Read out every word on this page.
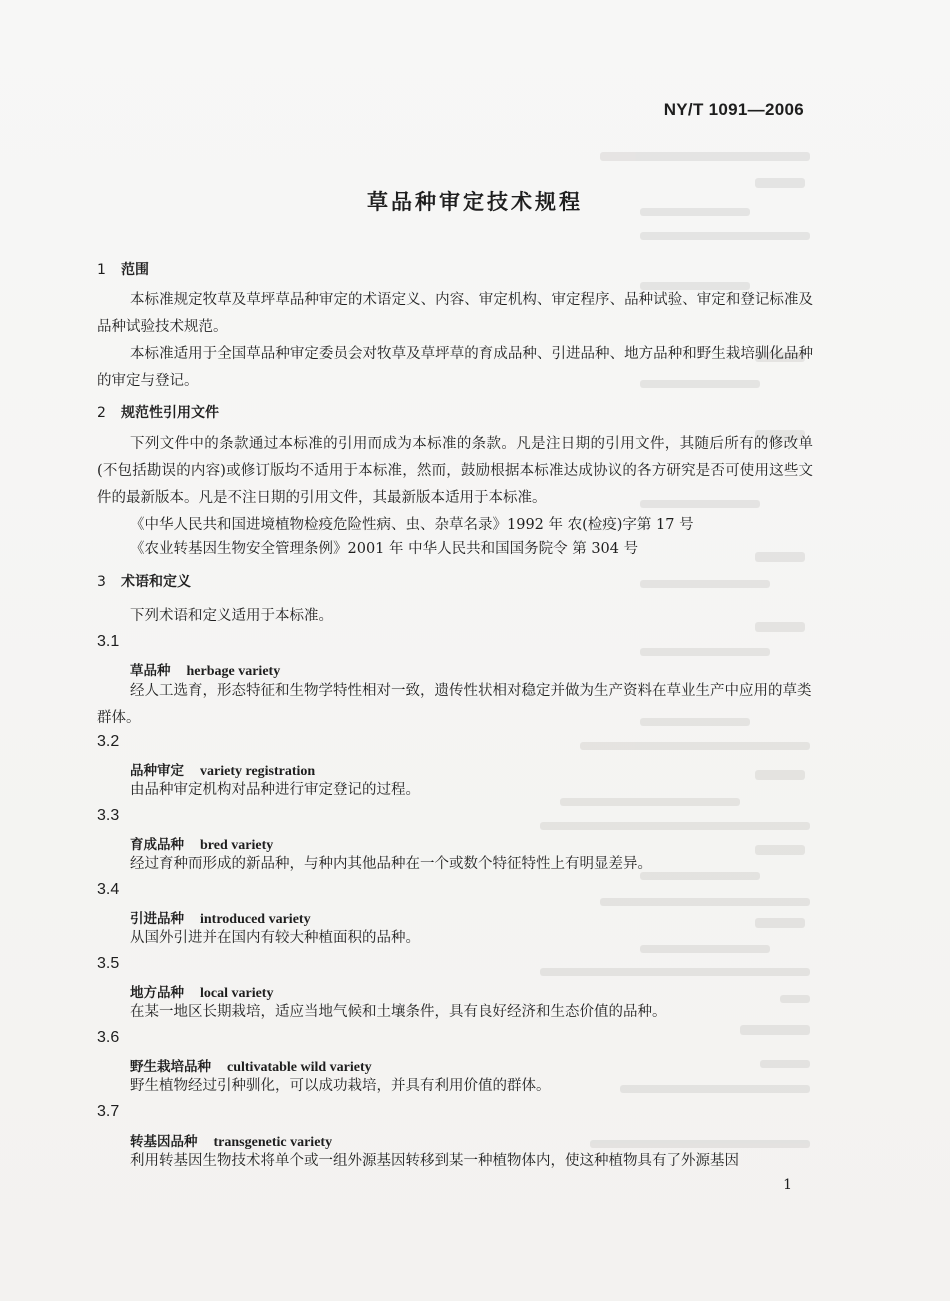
NY/T 1091—2006
草品种审定技术规程
1 范围
本标准规定牧草及草坪草品种审定的术语定义、内容、审定机构、审定程序、品种试验、审定和登记标准及品种试验技术规范。
本标准适用于全国草品种审定委员会对牧草及草坪草的育成品种、引进品种、地方品种和野生栽培驯化品种的审定与登记。
2 规范性引用文件
下列文件中的条款通过本标准的引用而成为本标准的条款。凡是注日期的引用文件，其随后所有的修改单(不包括勘误的内容)或修订版均不适用于本标准，然而，鼓励根据本标准达成协议的各方研究是否可使用这些文件的最新版本。凡是不注日期的引用文件，其最新版本适用于本标准。
《中华人民共和国进境植物检疫危险性病、虫、杂草名录》1992 年 农(检疫)字第 17 号
《农业转基因生物安全管理条例》2001 年 中华人民共和国国务院令 第 304 号
3 术语和定义
下列术语和定义适用于本标准。
3.1
草品种 herbage variety
经人工选育，形态特征和生物学特性相对一致，遗传性状相对稳定并做为生产资料在草业生产中应用的草类群体。
3.2
品种审定 variety registration
由品种审定机构对品种进行审定登记的过程。
3.3
育成品种 bred variety
经过育种而形成的新品种，与种内其他品种在一个或数个特征特性上有明显差异。
3.4
引进品种 introduced variety
从国外引进并在国内有较大种植面积的品种。
3.5
地方品种 local variety
在某一地区长期栽培，适应当地气候和土壤条件，具有良好经济和生态价值的品种。
3.6
野生栽培品种 cultivatable wild variety
野生植物经过引种驯化，可以成功栽培，并具有利用价值的群体。
3.7
转基因品种 transgenetic variety
利用转基因生物技术将单个或一组外源基因转移到某一种植物体内，使这种植物具有了外源基因
1
